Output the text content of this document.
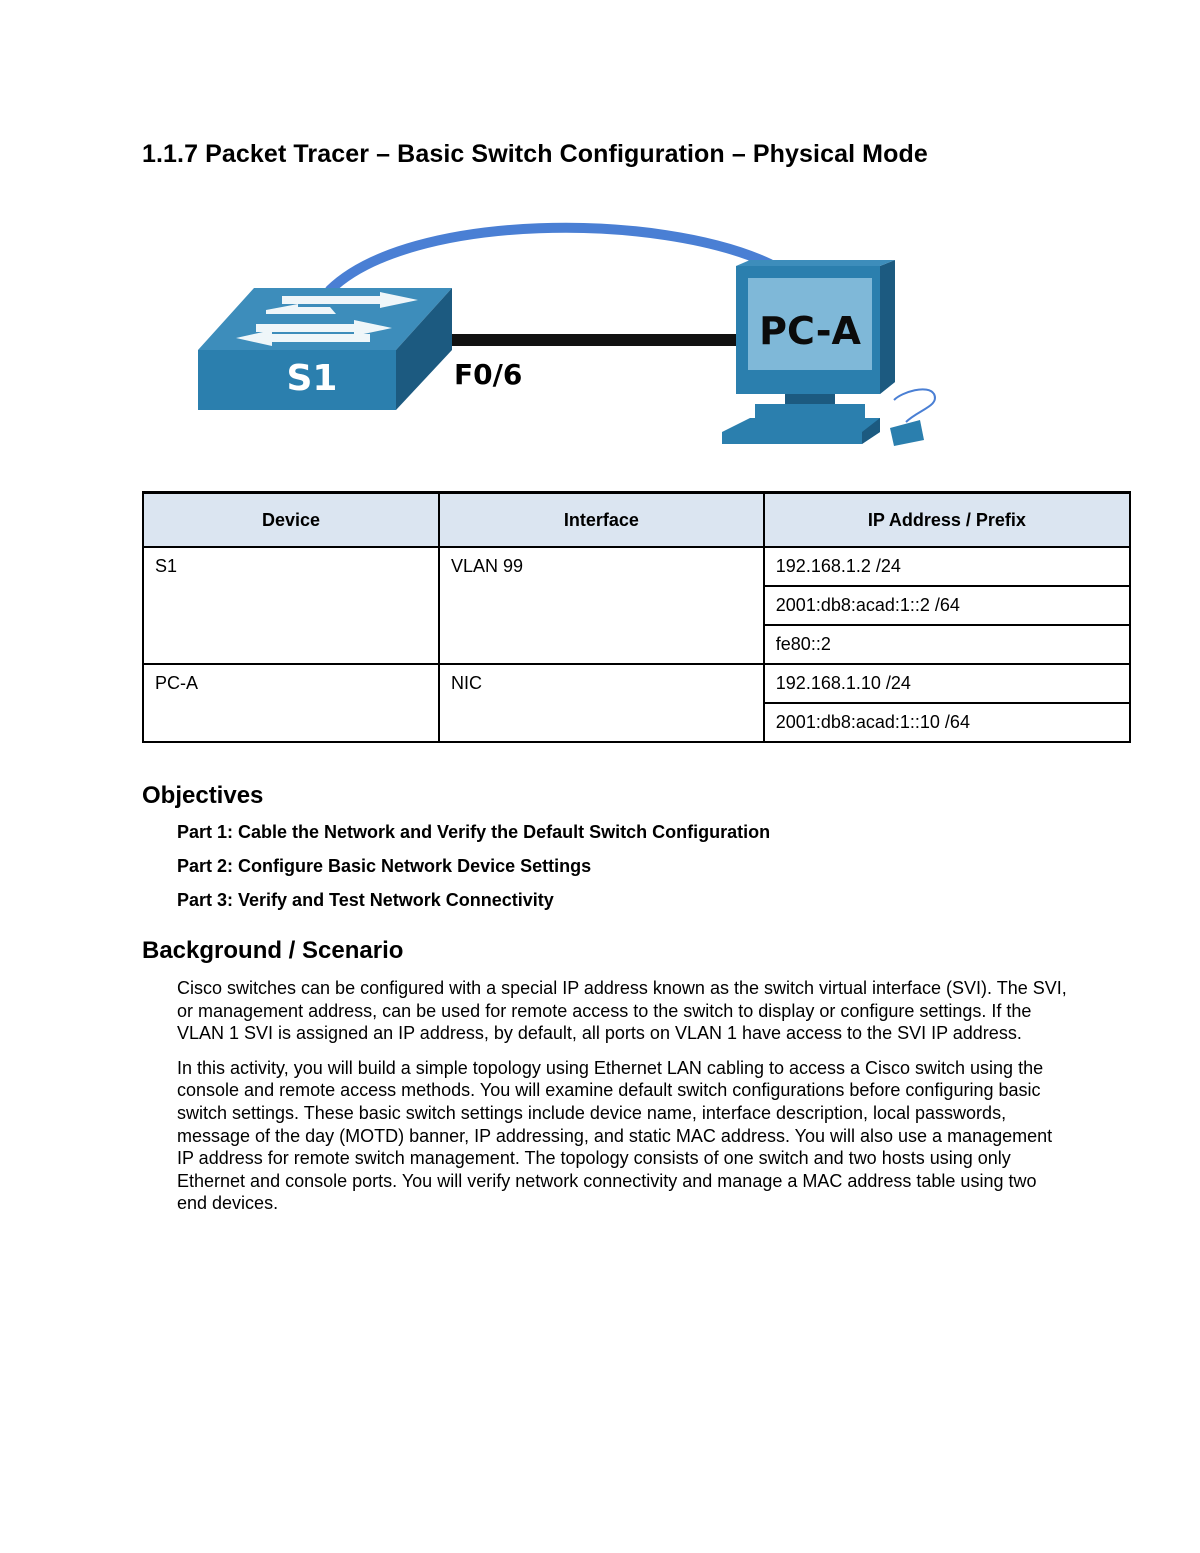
1.1.7 Packet Tracer – Basic Switch Configuration – Physical Mode
S1	F0/6
PC-A
Device	Interface	IP Address / Prefix
S1	VLAN 99	192.168.1.2 /24
		2001:db8:acad:1::2 /64
		fe80::2
PC-A	NIC	192.168.1.10 /24
		2001:db8:acad:1::10 /64
Objectives
Part 1: Cable the Network and Verify the Default Switch Configuration
Part 2: Configure Basic Network Device Settings
Part 3: Verify and Test Network Connectivity
Background / Scenario

Cisco switches can be configured with a special IP address known as the switch virtual interface (SVI). The SVI, or management address, can be used for remote access to the switch to display or configure settings. If the VLAN 1 SVI is assigned an IP address, by default, all ports on VLAN 1 have access to the SVI IP address.

In this activity, you will build a simple topology using Ethernet LAN cabling to access a Cisco switch using the console and remote access methods. You will examine default switch configurations before configuring basic switch settings. These basic switch settings include device name, interface description, local passwords, message of the day (MOTD) banner, IP addressing, and static MAC address. You will also use a management IP address for remote switch management. The topology consists of one switch and two hosts using only Ethernet and console ports. You will verify network connectivity and manage a MAC address table using two end devices.
